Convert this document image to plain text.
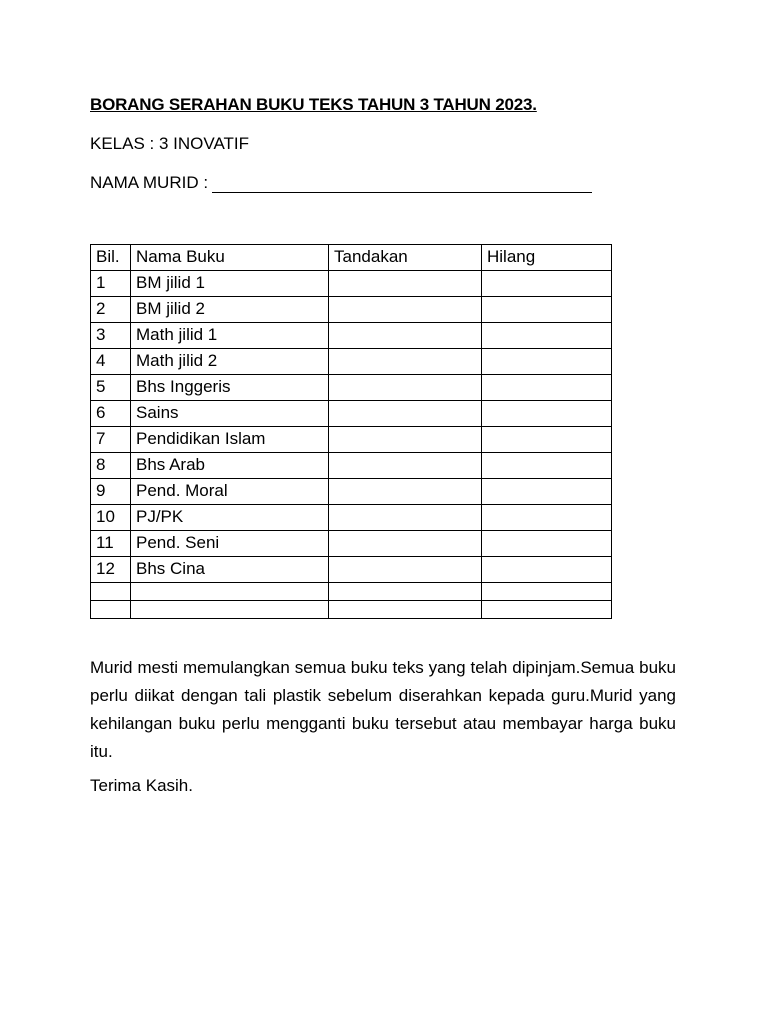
BORANG SERAHAN BUKU TEKS TAHUN 3 TAHUN 2023.
KELAS : 3 INOVATIF
NAMA MURID :
Bil.	Nama Buku	Tandakan	Hilang
1	BM jilid 1		
2	BM jilid 2		
3	Math jilid 1		
4	Math jilid 2		
5	Bhs Inggeris		
6	Sains		
7	Pendidikan Islam		
8	Bhs Arab		
9	Pend. Moral		
10	PJ/PK		
11	Pend. Seni		
12	Bhs Cina		

Murid mesti memulangkan semua buku teks yang telah dipinjam.Semua buku perlu diikat dengan tali plastik sebelum diserahkan kepada guru.Murid yang kehilangan buku perlu mengganti buku tersebut atau membayar harga buku itu.
Terima Kasih.
